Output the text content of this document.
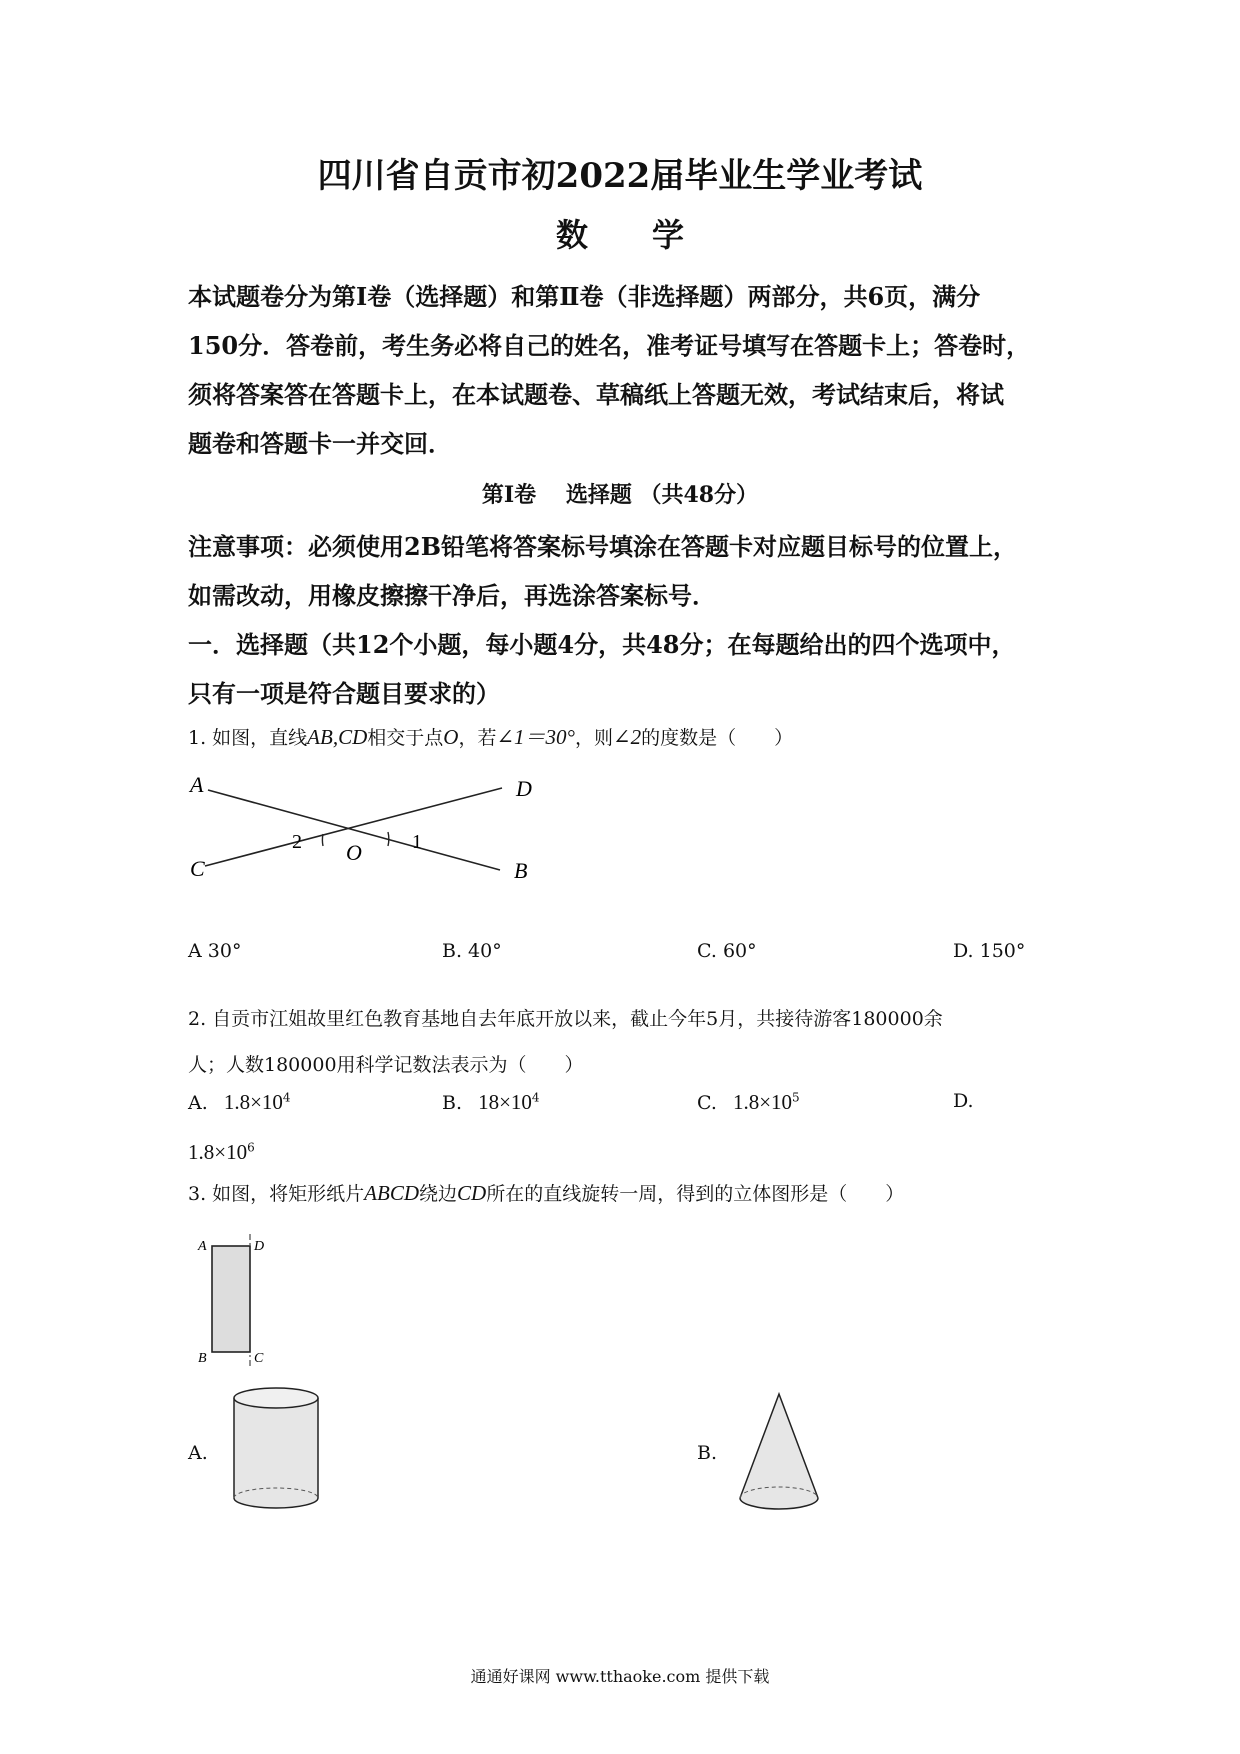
四川省自贡市初2022届毕业生学业考试
数　　学
本试题卷分为第Ⅰ卷（选择题）和第Ⅱ卷（非选择题）两部分，共6页，满分
150分．答卷前，考生务必将自己的姓名，准考证号填写在答题卡上；答卷时，
须将答案答在答题卡上，在本试题卷、草稿纸上答题无效，考试结束后，将试
题卷和答题卡一并交回．
第Ⅰ卷　 选择题 （共48分）
注意事项：必须使用2B铅笔将答案标号填涂在答题卡对应题目标号的位置上，
如需改动，用橡皮擦擦干净后，再选涂答案标号．
一．选择题（共12个小题，每小题4分，共48分；在每题给出的四个选项中，
只有一项是符合题目要求的）
1. 如图，直线AB,CD相交于点O，若∠1＝30°，则∠2的度数是（　　）
A	D
C	B
O
2	1
A 30°	B. 40°	C. 60°	D. 150°
2. 自贡市江姐故里红色教育基地自去年底开放以来，截止今年5月，共接待游客180000余
人；人数180000用科学记数法表示为（　　）
A. $1.8\times 10^4$	B. $18\times 10^4$	C. $1.8\times 10^5$	D.
$1.8\times 10^6$
3. 如图，将矩形纸片ABCD绕边CD所在的直线旋转一周，得到的立体图形是（　　）
A	D
B	C
A.	B.
通通好课网 www.tthaoke.com 提供下载
